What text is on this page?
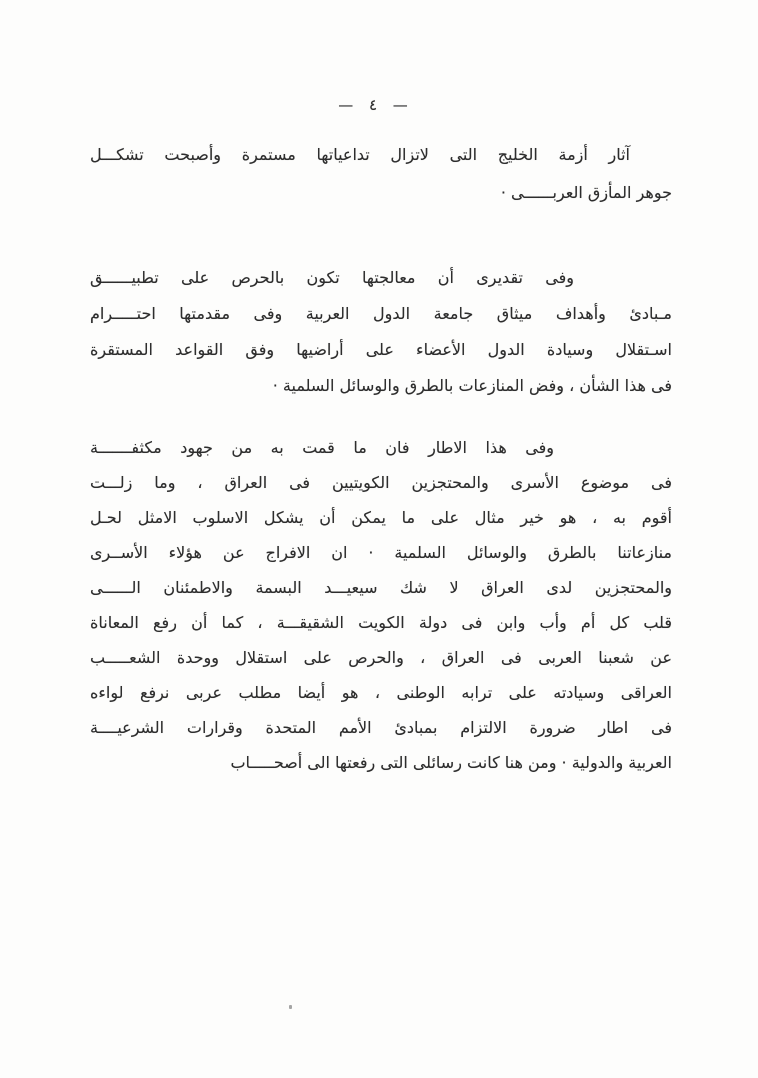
— ٤ —
آثار أزمة الخليج التى لاتزال تداعياتها مستمرة وأصبحت تشكـــل
جوهر المأزق العربــــــى ·
وفى تقديرى أن معالجتها تكون بالحرص على تطبيــــــق
مـبادئ وأهداف ميثاق جامعة الدول العربية وفى مقدمتها احتـــــرام
اسـتقلال وسيادة الدول الأعضاء على أراضيها وفق القواعد المستقرة
فى هذا الشأن ، وفض المنازعات بالطرق والوسائل السلمية ·
وفى هذا الاطار فان ما قمت به من جهود مكثفـــــــة
فى موضوع الأسرى والمحتجزين الكويتيين فى العراق ، وما زلـــت
أقوم به ، هو خير مثال على ما يمكن أن يشكل الاسلوب الامثل لحـل
منازعاتنا بالطرق والوسائل السلمية · ان الافراج عن هؤلاء الأســرى
والمحتجزين لدى العراق لا شك سيعيـــد البسمة والاطمئنان الــــــى
قلب كل أم وأب وابن فى دولة الكويت الشقيقـــة ، كما أن رفع المعاناة
عن شعبنا العربى فى العراق ، والحرص على استقلال ووحدة الشعـــــب
العراقى وسيادته على ترابه الوطنى ، هو أيضا مطلب عربى نرفع لواءه
فى اطار ضرورة الالتزام بمبادئ الأمم المتحدة وقرارات الشرعيــــة
العربية والدولية · ومن هنا كانت رسائلى التى رفعتها الى أصحـــــاب
